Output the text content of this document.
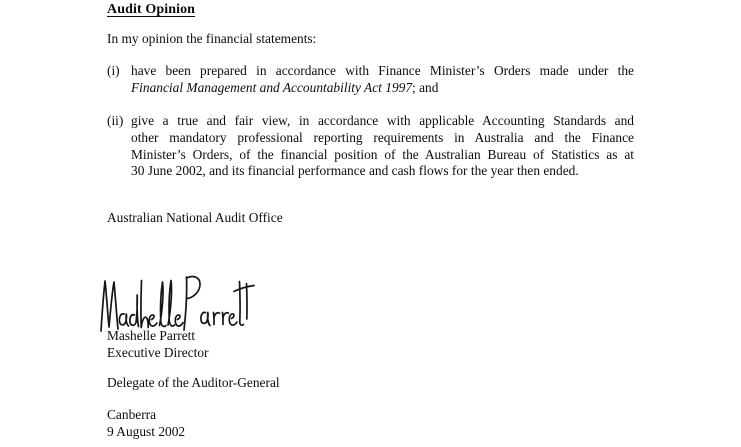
Audit Opinion
In my opinion the financial statements:
(i) have been prepared in accordance with Finance Minister’s Orders made under the
Financial Management and Accountability Act 1997; and
(ii) give a true and fair view, in accordance with applicable Accounting Standards and
other mandatory professional reporting requirements in Australia and the Finance
Minister’s Orders, of the financial position of the Australian Bureau of Statistics as at
30 June 2002, and its financial performance and cash flows for the year then ended.
Australian National Audit Office
Mashelle Parrett
Executive Director
Delegate of the Auditor-General
Canberra
9 August 2002
